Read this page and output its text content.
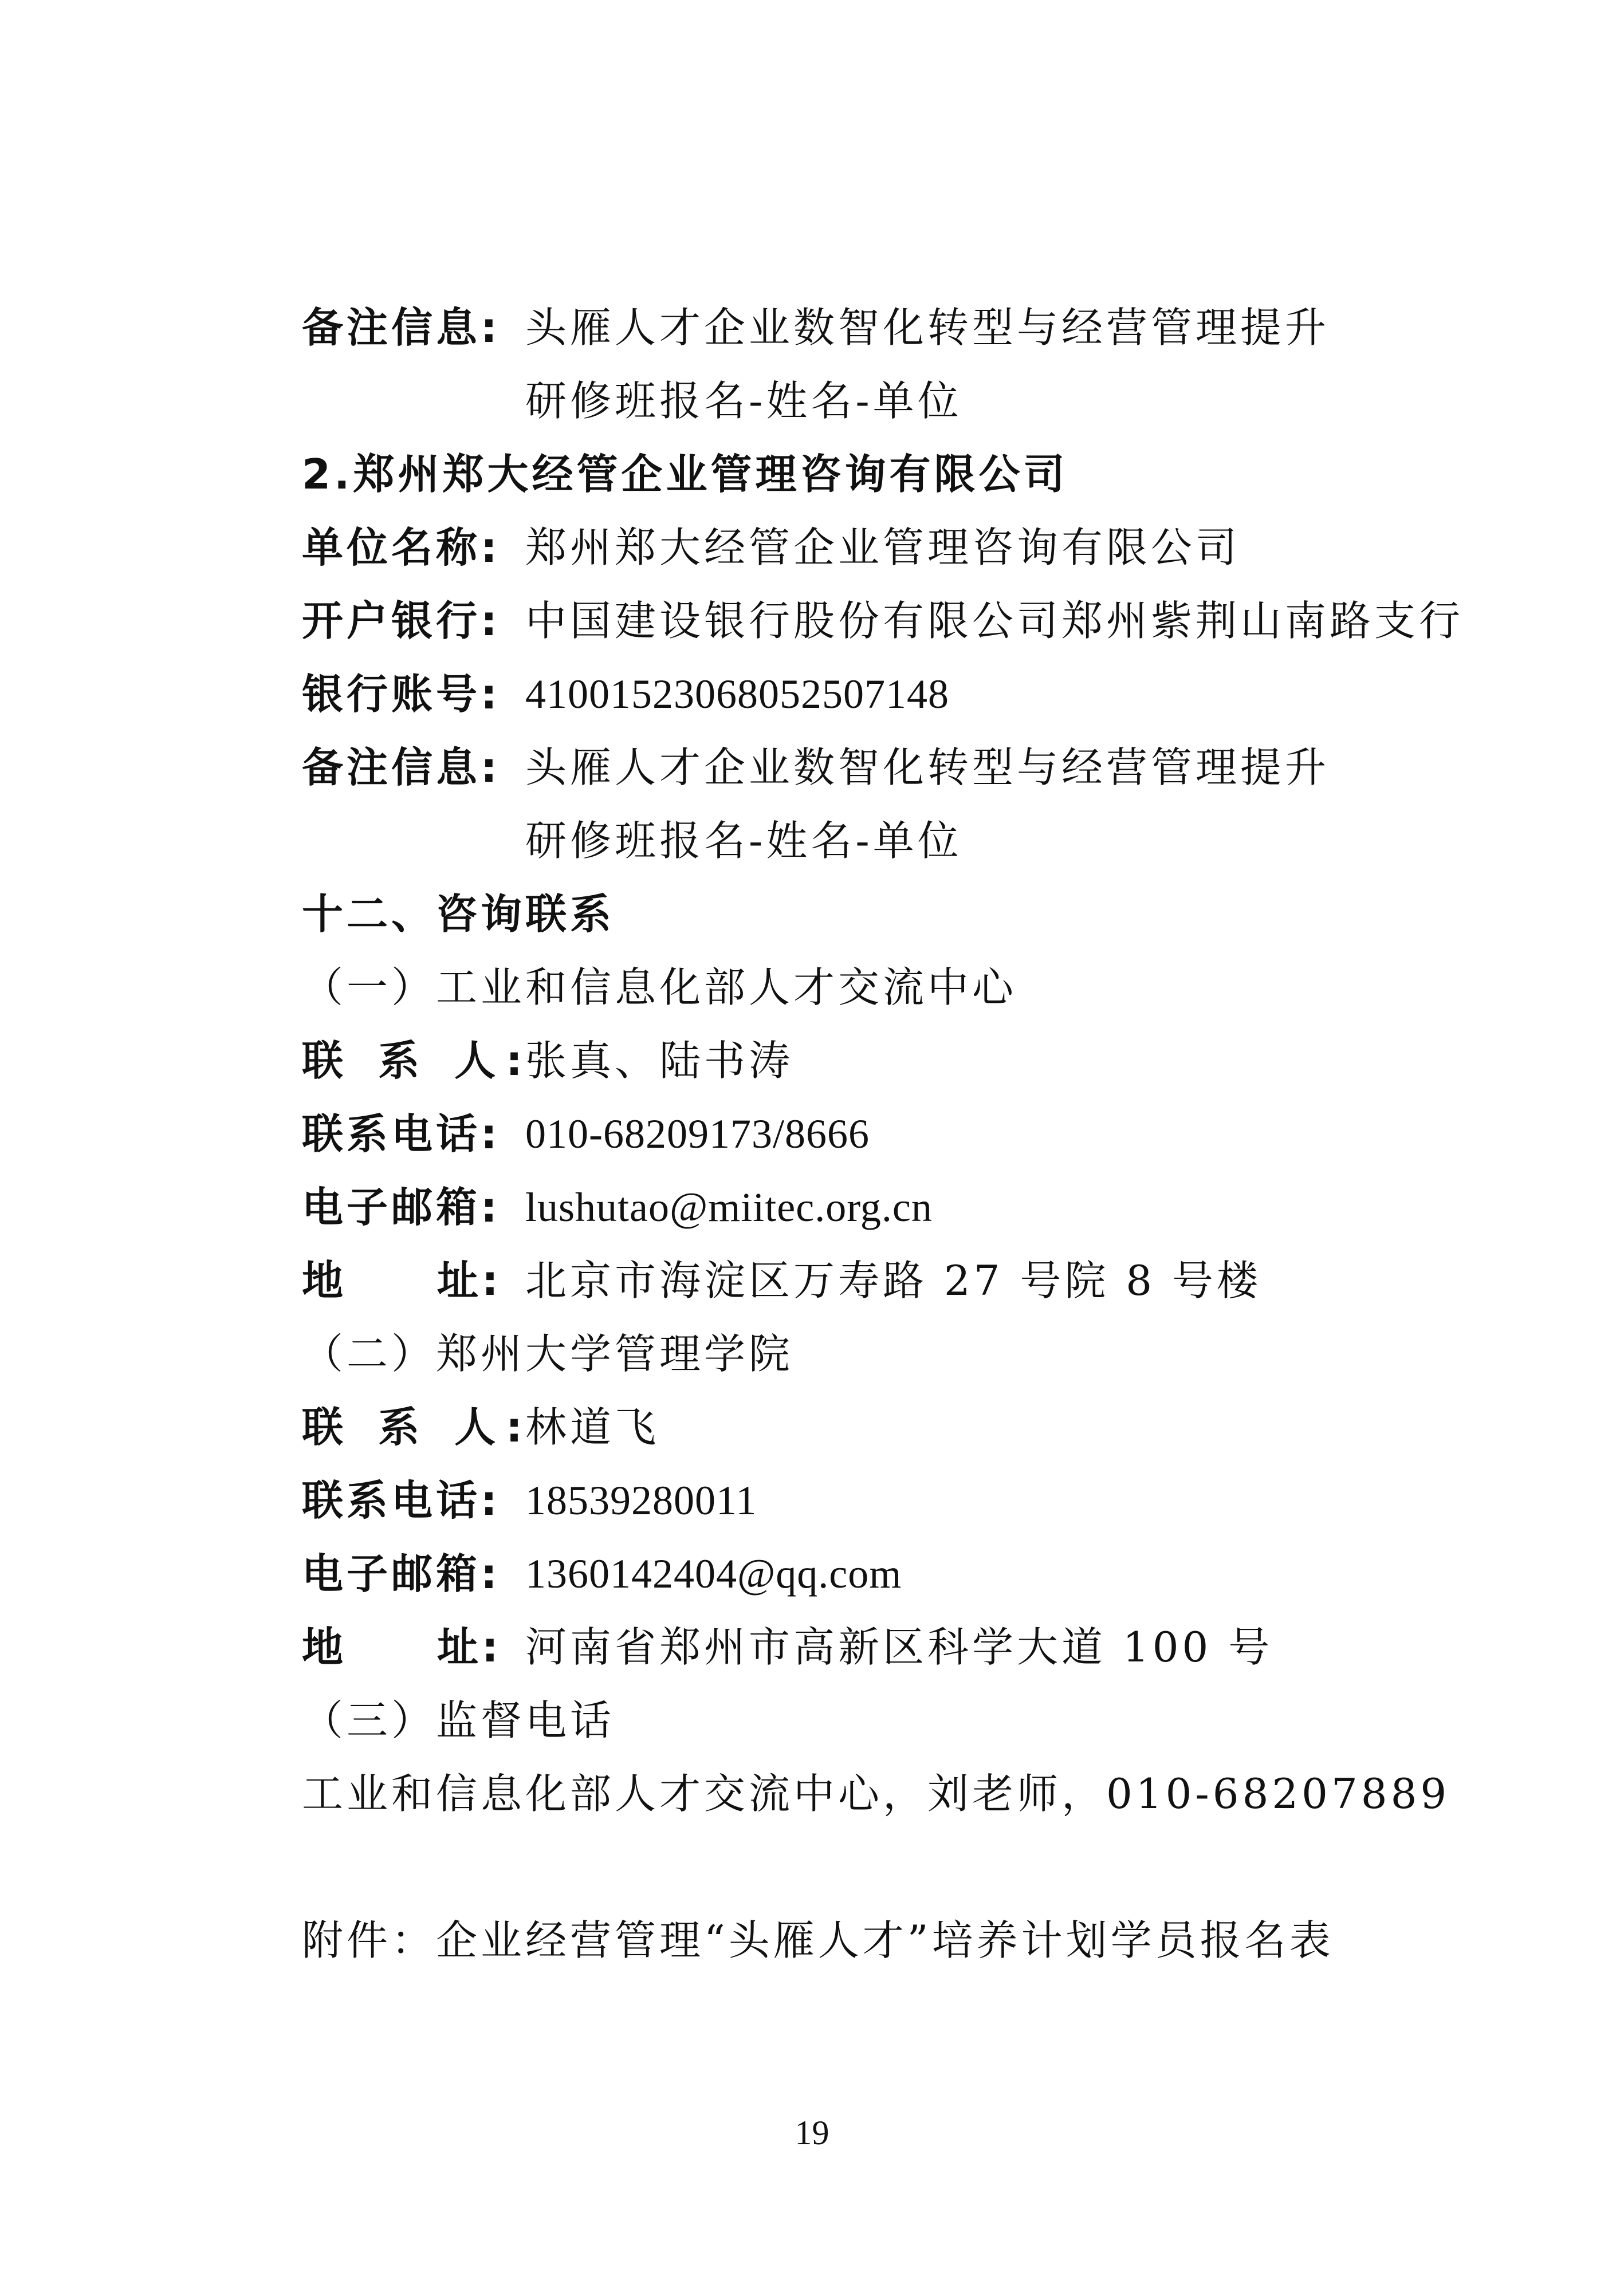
备注信息: 头雁人才企业数智化转型与经营管理提升
研修班报名-姓名-单位
2.郑州郑大经管企业管理咨询有限公司
单位名称: 郑州郑大经管企业管理咨询有限公司
开户银行: 中国建设银行股份有限公司郑州紫荆山南路支行
银行账号: 41001523068052507148
备注信息: 头雁人才企业数智化转型与经营管理提升
研修班报名-姓名-单位
十二、咨询联系
（一）工业和信息化部人才交流中心
联 系 人:
张真、陆书涛
联系电话: 010-68209173/8666
电子邮箱: lushutao@miitec.org.cn
地 址: 北京市海淀区万寿路 27 号院 8 号楼
（二）郑州大学管理学院
联 系 人:
林道飞
联系电话: 18539280011
电子邮箱: 1360142404@qq.com
地 址: 河南省郑州市高新区科学大道 100 号
（三）监督电话
工业和信息化部人才交流中心，刘老师，010-68207889
附件：企业经营管理“头雁人才”培养计划学员报名表
19
